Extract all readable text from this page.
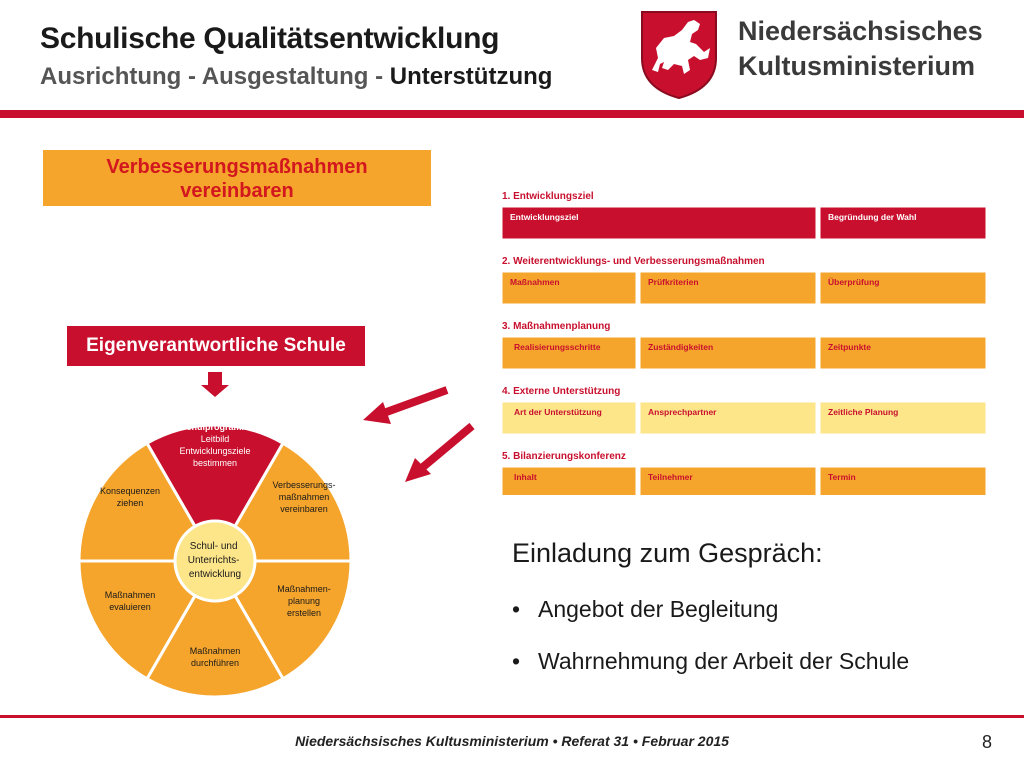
Schulische Qualitätsentwicklung
Ausrichtung - Ausgestaltung - Unterstützung
Niedersächsisches
Kultusministerium
Verbesserungsmaßnahmen
vereinbaren
Eigenverantwortliche Schule
Schulprogramm Leitbild Entwicklungsziele bestimmen
Verbesserungs-maßnahmen vereinbaren
Maßnahmen-planung erstellen
Maßnahmen durchführen
Maßnahmen evaluieren
Konsequenzen ziehen
Schul- und Unterrichts- entwicklung
1. Entwicklungsziel
Entwicklungsziel	Begründung der Wahl
2. Weiterentwicklungs- und Verbesserungsmaßnahmen
Maßnahmen	Prüfkriterien	Überprüfung
3. Maßnahmenplanung
Realisierungsschritte	Zuständigkeiten	Zeitpunkte
4. Externe Unterstützung
Art der Unterstützung	Ansprechpartner	Zeitliche Planung
5. Bilanzierungskonferenz
Inhalt	Teilnehmer	Termin
Einladung zum Gespräch:
• Angebot der Begleitung
• Wahrnehmung der Arbeit der Schule
Niedersächsisches Kultusministerium • Referat 31 • Februar 2015	8
